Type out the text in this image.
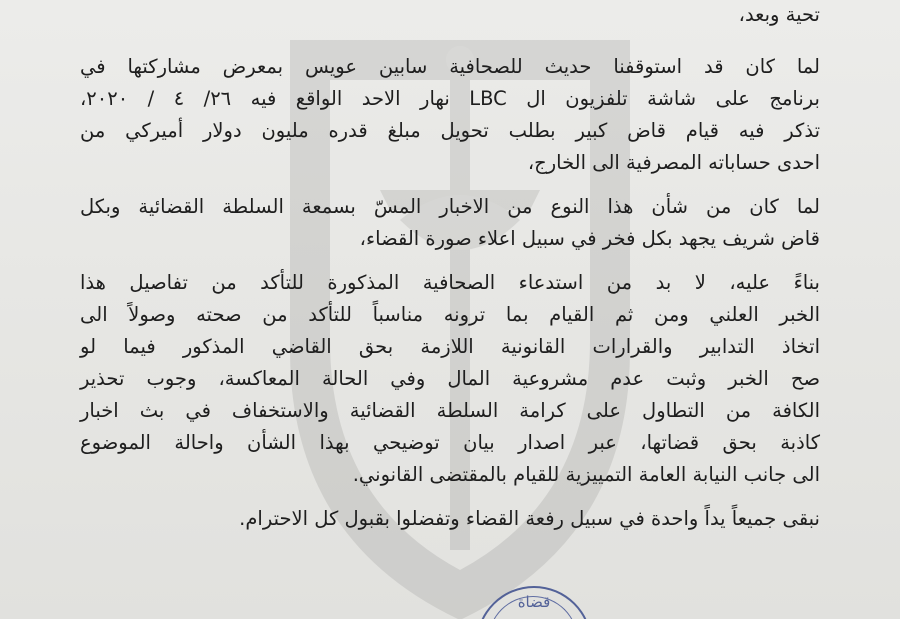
تحية وبعد،

لما كان قد استوقفنا حديث للصحافية سابين عويس بمعرض مشاركتها في
برنامج على شاشة تلفزيون ال LBC نهار الاحد الواقع فيه ٢٦/ ٤ / ٢٠٢٠،
تذكر فيه قيام قاض كبير بطلب تحويل مبلغ قدره مليون دولار أميركي من
احدى حساباته المصرفية الى الخارج،

لما كان من شأن هذا النوع من الاخبار المسّ بسمعة السلطة القضائية وبكل
قاض شريف يجهد بكل فخر في سبيل اعلاء صورة القضاء،

بناءً عليه، لا بد من استدعاء الصحافية المذكورة للتأكد من تفاصيل هذا
الخبر العلني ومن ثم القيام بما ترونه مناسباً للتأكد من صحته وصولاً الى
اتخاذ التدابير والقرارات القانونية اللازمة بحق القاضي المذكور فيما لو
صح الخبر وثبت عدم مشروعية المال وفي الحالة المعاكسة، وجوب تحذير
الكافة من التطاول على كرامة السلطة القضائية والاستخفاف في بث اخبار
كاذبة بحق قضاتها، عبر اصدار بيان توضيحي بهذا الشأن واحالة الموضوع
الى جانب النيابة العامة التمييزية للقيام بالمقتضى القانوني.

نبقى جميعاً يداً واحدة في سبيل رفعة القضاء وتفضلوا بقبول كل الاحترام.

قضاة
